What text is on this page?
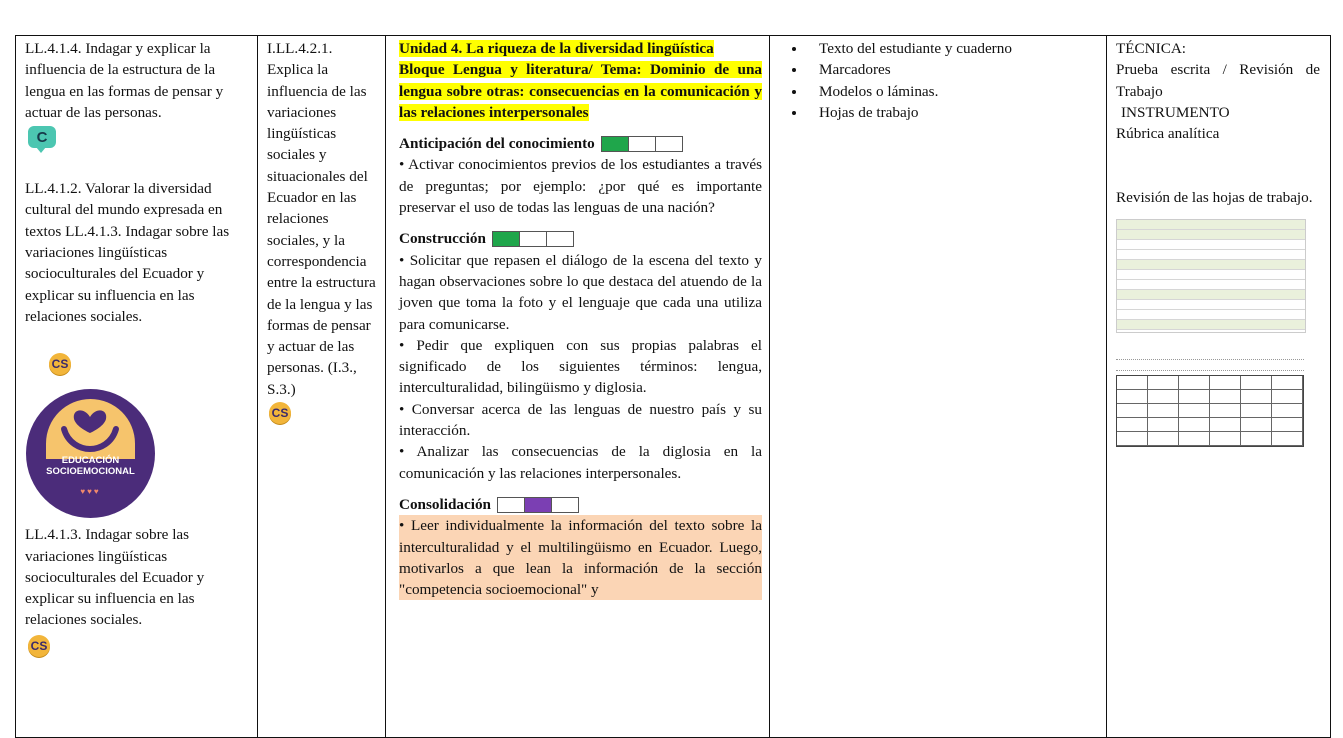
LL.4.1.4. Indagar y explicar la influencia de la estructura de la lengua en las formas de pensar y actuar de las personas.

C

LL.4.1.2. Valorar la diversidad cultural del mundo expresada en textos LL.4.1.3. Indagar sobre las variaciones lingüísticas socioculturales del Ecuador y explicar su influencia en las relaciones sociales.

CS
EDUCACIÓN
SOCIOEMOCIONAL
♥♥♥

LL.4.1.3. Indagar sobre las variaciones lingüísticas socioculturales del Ecuador y explicar su influencia en las relaciones sociales.

CS

I.LL.4.2.1. Explica la influencia de las variaciones lingüísticas sociales y situacionales del Ecuador en las relaciones sociales, y la correspondencia entre la estructura de la lengua y las formas de pensar y actuar de las personas. (I.3., S.3.)

CS

Unidad 4. La riqueza de la diversidad lingüística

Bloque Lengua y literatura/ Tema: Dominio de una lengua sobre otras: consecuencias en la comunicación y las relaciones interpersonales

Anticipación del conocimiento

• Activar conocimientos previos de los estudiantes a través de preguntas; por ejemplo: ¿por qué es importante preservar el uso de todas las lenguas de una nación?

Construcción

• Solicitar que repasen el diálogo de la escena del texto y hagan observaciones sobre lo que destaca del atuendo de la joven que toma la foto y el lenguaje que cada una utiliza para comunicarse.

• Pedir que expliquen con sus propias palabras el significado de los siguientes términos: lengua, interculturalidad, bilingüismo y diglosia.

• Conversar acerca de las lenguas de nuestro país y su interacción.

• Analizar las consecuencias de la diglosia en la comunicación y las relaciones interpersonales.

Consolidación

• Leer individualmente la información del texto sobre la interculturalidad y el multilingüismo en Ecuador. Luego, motivarlos a que lean la información de la sección "competencia socioemocional" y

• Texto del estudiante y cuaderno
• Marcadores
• Modelos o láminas.
• Hojas de trabajo

TÉCNICA:

Prueba escrita / Revisión de Trabajo

INSTRUMENTO

Rúbrica analítica

Revisión de las hojas de trabajo.
